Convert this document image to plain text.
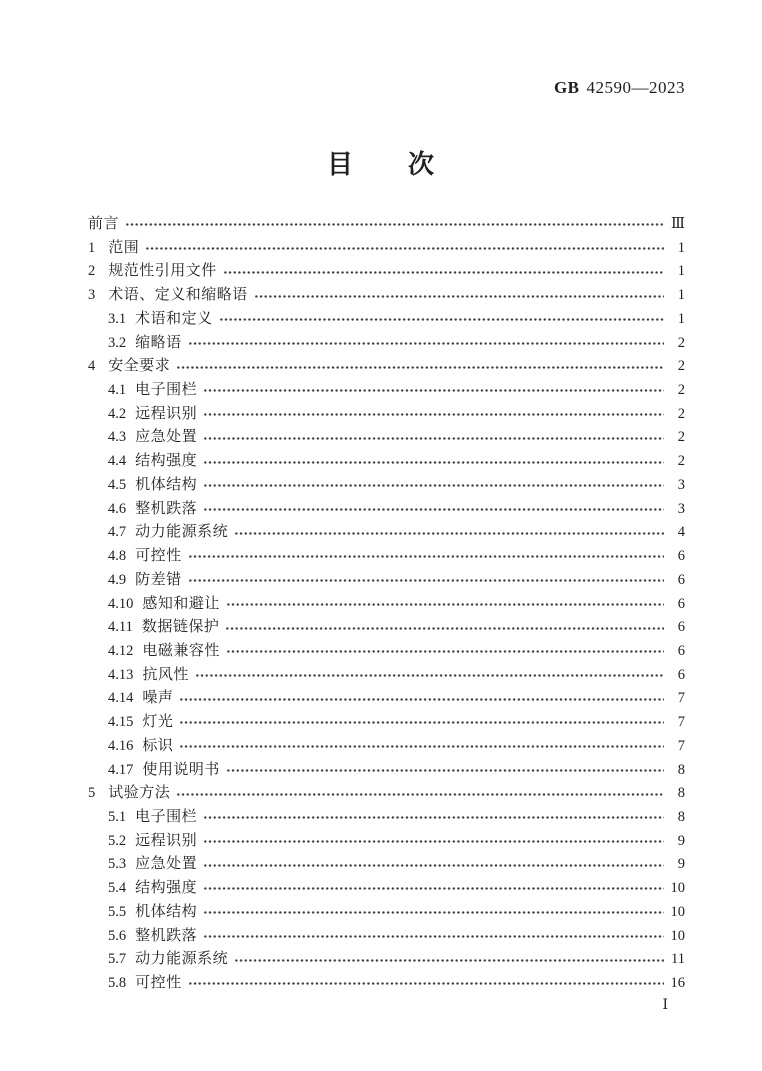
GB 42590—2023
目　　次
前言	Ⅲ
1 范围	1
2 规范性引用文件	1
3 术语、定义和缩略语	1
3.1 术语和定义	1
3.2 缩略语	2
4 安全要求	2
4.1 电子围栏	2
4.2 远程识别	2
4.3 应急处置	2
4.4 结构强度	2
4.5 机体结构	3
4.6 整机跌落	3
4.7 动力能源系统	4
4.8 可控性	6
4.9 防差错	6
4.10 感知和避让	6
4.11 数据链保护	6
4.12 电磁兼容性	6
4.13 抗风性	6
4.14 噪声	7
4.15 灯光	7
4.16 标识	7
4.17 使用说明书	8
5 试验方法	8
5.1 电子围栏	8
5.2 远程识别	9
5.3 应急处置	9
5.4 结构强度	10
5.5 机体结构	10
5.6 整机跌落	10
5.7 动力能源系统	11
5.8 可控性	16
Ⅰ
